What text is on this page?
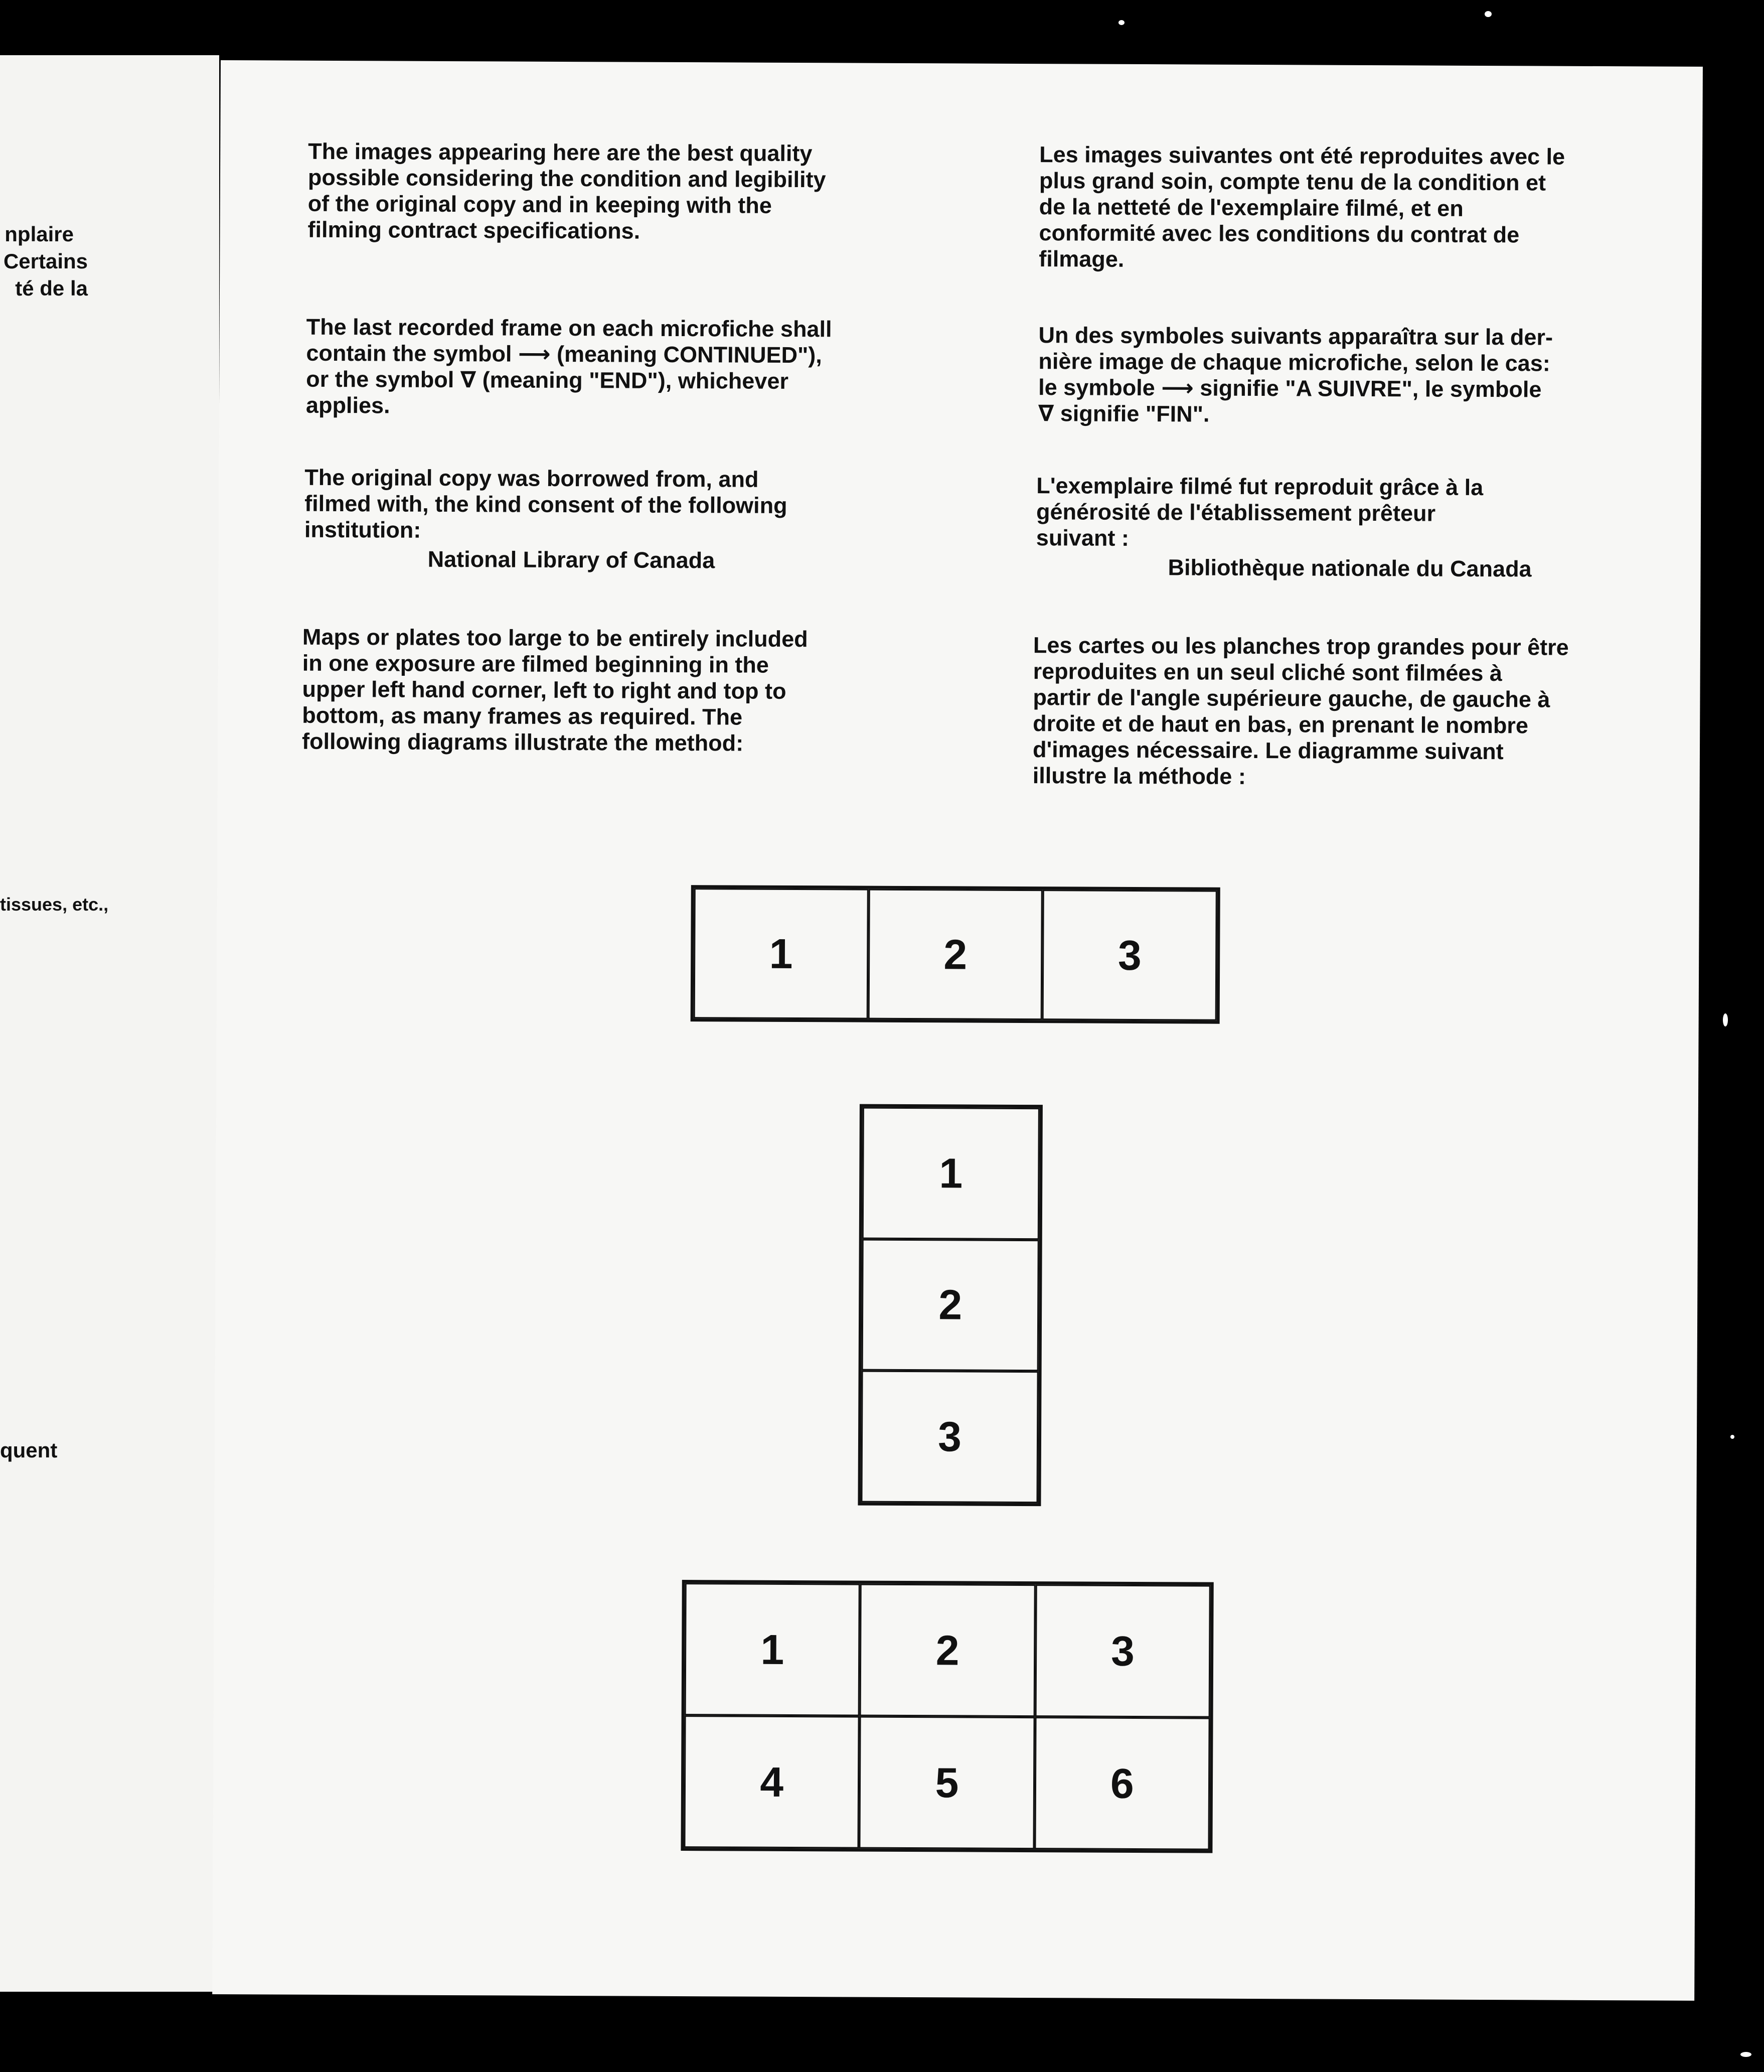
nplaire
Certains
té de la
tissues, etc.,
quent
The images appearing here are the best quality
possible considering the condition and legibility
of the original copy and in keeping with the
filming contract specifications.
The last recorded frame on each microfiche shall
contain the symbol ⟶ (meaning CONTINUED"),
or the symbol ∇ (meaning "END"), whichever
applies.
The original copy was borrowed from, and
filmed with, the kind consent of the following
institution:
National Library of Canada
Maps or plates too large to be entirely included
in one exposure are filmed beginning in the
upper left hand corner, left to right and top to
bottom, as many frames as required. The
following diagrams illustrate the method:
Les images suivantes ont été reproduites avec le
plus grand soin, compte tenu de la condition et
de la netteté de l'exemplaire filmé, et en
conformité avec les conditions du contrat de
filmage.
Un des symboles suivants apparaîtra sur la der-
nière image de chaque microfiche, selon le cas:
le symbole ⟶ signifie "A SUIVRE", le symbole
∇ signifie "FIN".
L'exemplaire filmé fut reproduit grâce à la
générosité de l'établissement prêteur
suivant :
Bibliothèque nationale du Canada
Les cartes ou les planches trop grandes pour être
reproduites en un seul cliché sont filmées à
partir de l'angle supérieure gauche, de gauche à
droite et de haut en bas, en prenant le nombre
d'images nécessaire. Le diagramme suivant
illustre la méthode :
1	2	3
1
2
3
1	2	3
4	5	6
